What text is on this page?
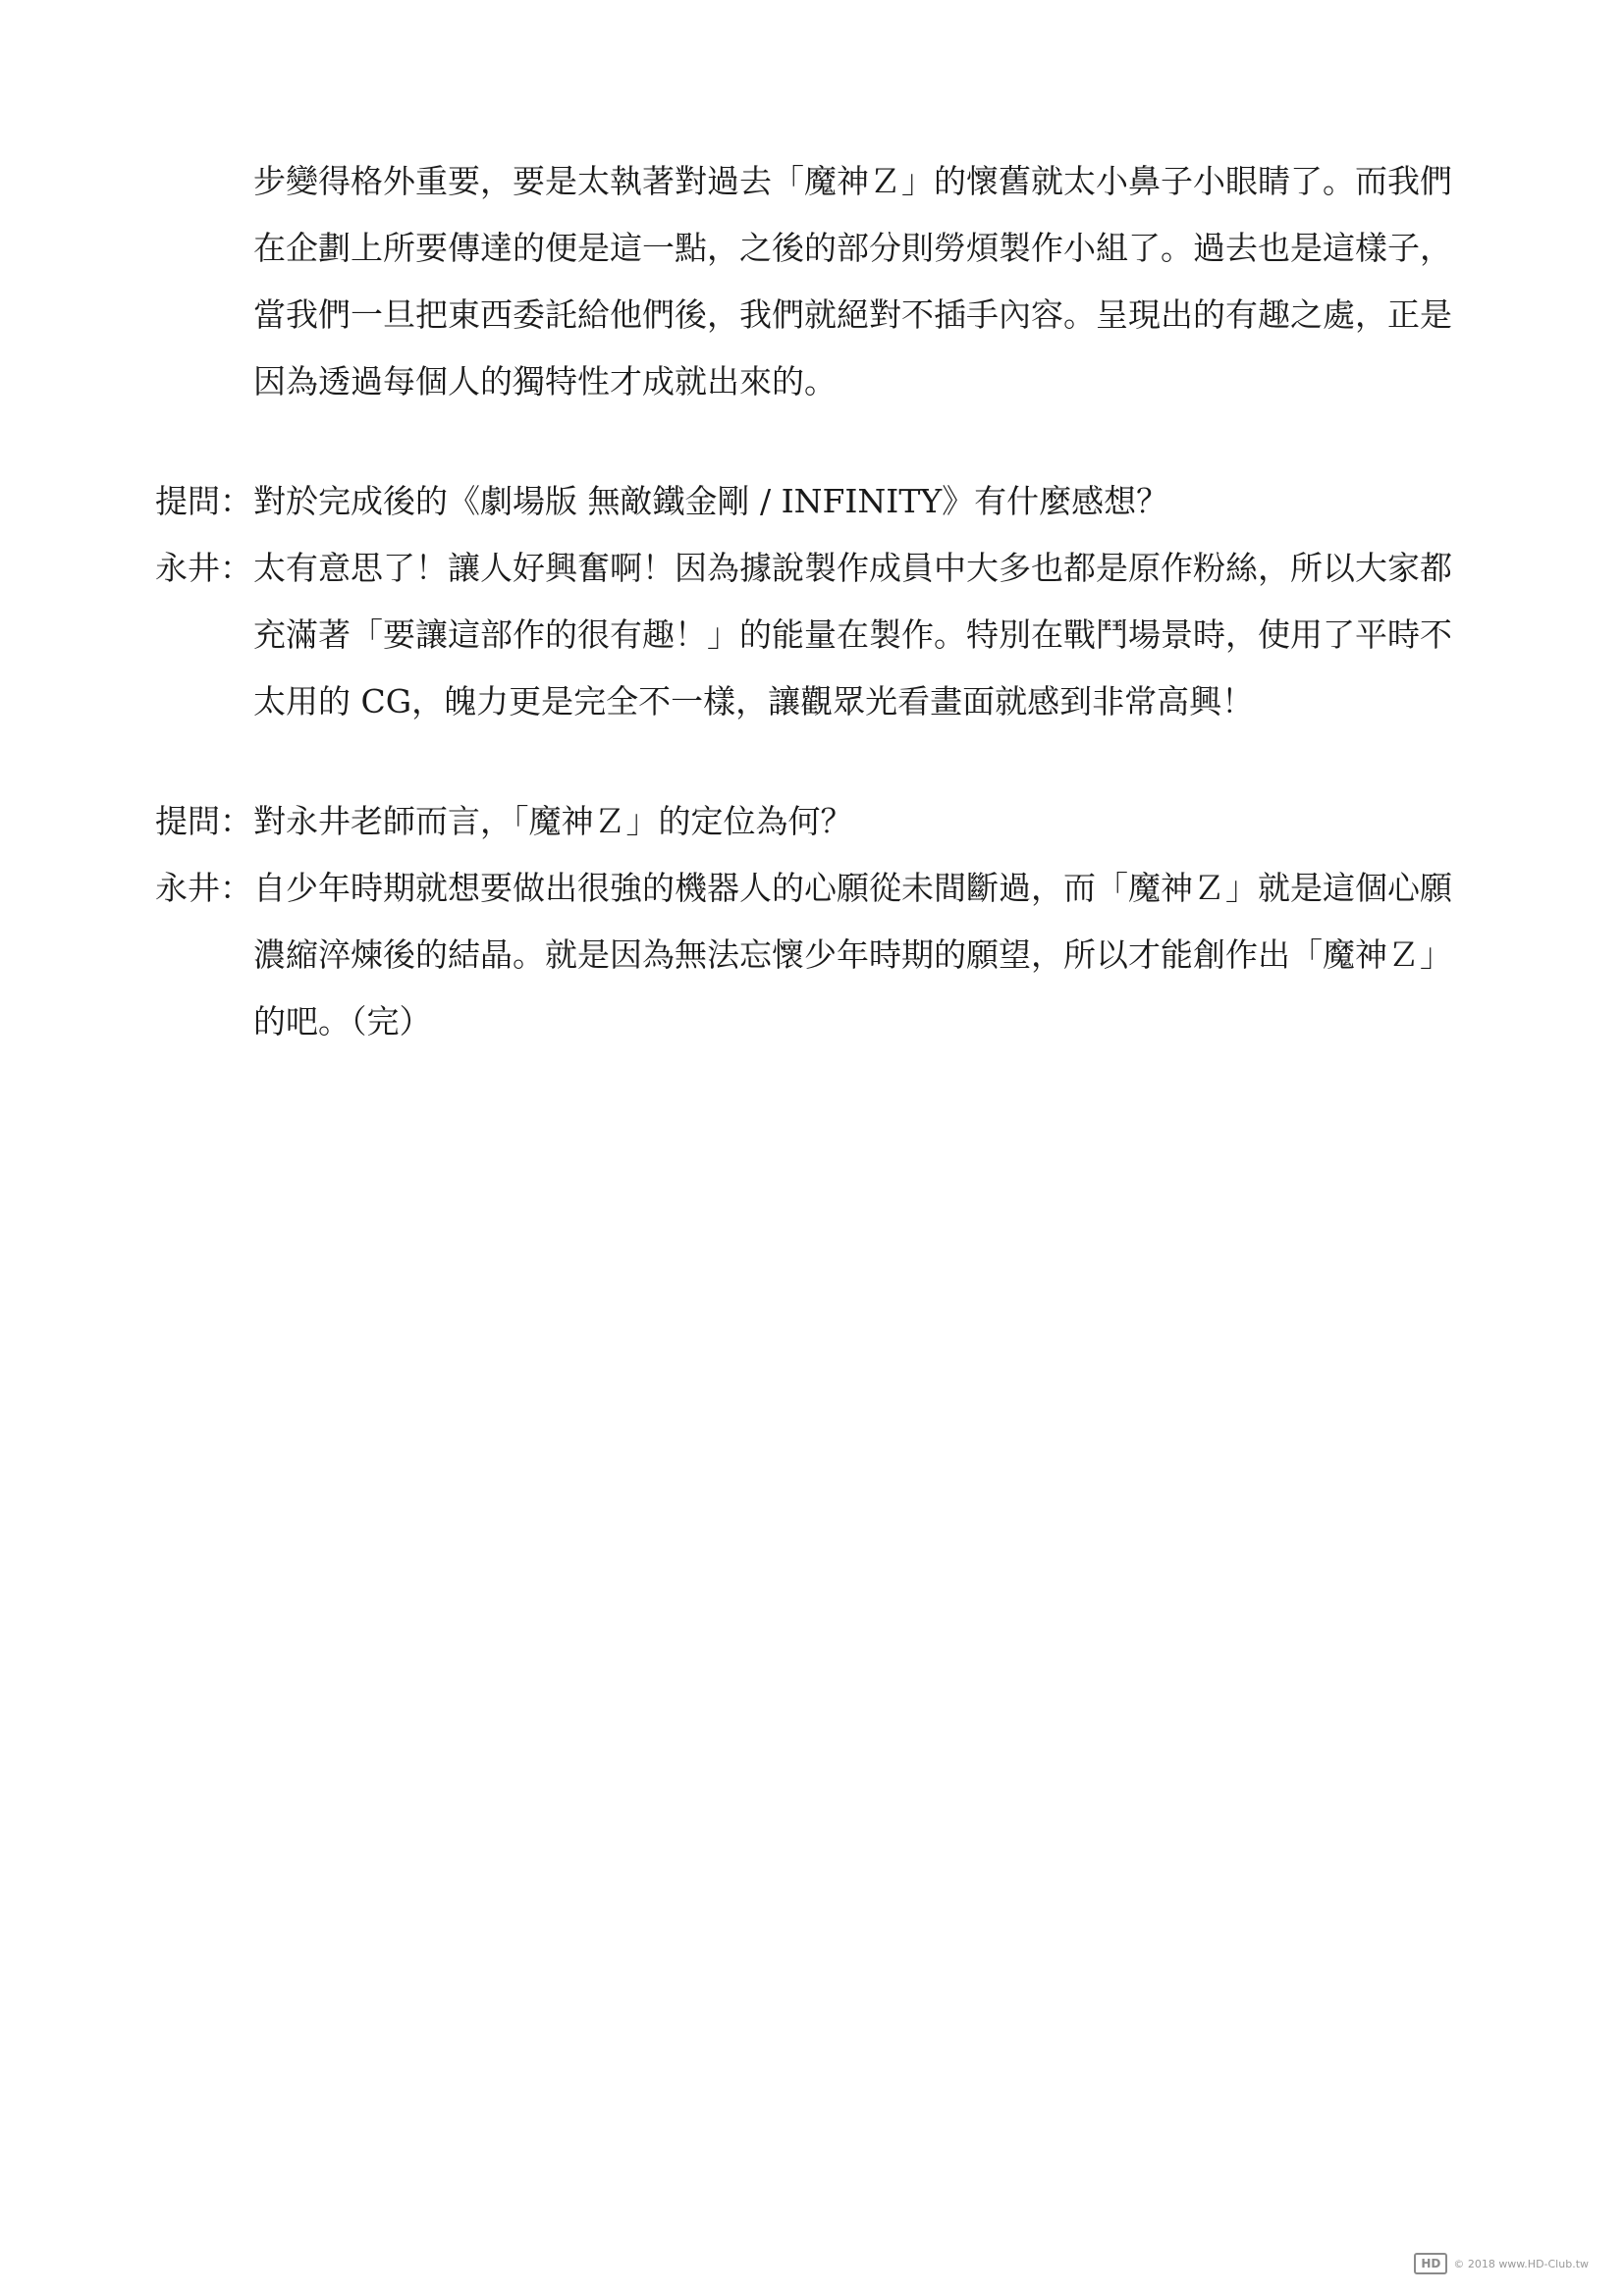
步變得格外重要，要是太執著對過去「魔神Ｚ」的懷舊就太小鼻子小眼睛了。而我們
在企劃上所要傳達的便是這一點，之後的部分則勞煩製作小組了。過去也是這樣子，
當我們一旦把東西委託給他們後，我們就絕對不插手內容。呈現出的有趣之處，正是
因為透過每個人的獨特性才成就出來的。
提問： 對於完成後的《劇場版 無敵鐵金剛 / INFINITY》有什麼感想？
永井： 太有意思了！讓人好興奮啊！因為據說製作成員中大多也都是原作粉絲，所以大家都
充滿著「要讓這部作的很有趣！」的能量在製作。特別在戰鬥場景時，使用了平時不
太用的 CG，魄力更是完全不一樣，讓觀眾光看畫面就感到非常高興！
提問： 對永井老師而言，「魔神Ｚ」的定位為何？
永井： 自少年時期就想要做出很強的機器人的心願從未間斷過，而「魔神Ｚ」就是這個心願
濃縮淬煉後的結晶。就是因為無法忘懷少年時期的願望，所以才能創作出「魔神Ｚ」
的吧。（完）
HD	© 2018 www.HD-Club.tw
